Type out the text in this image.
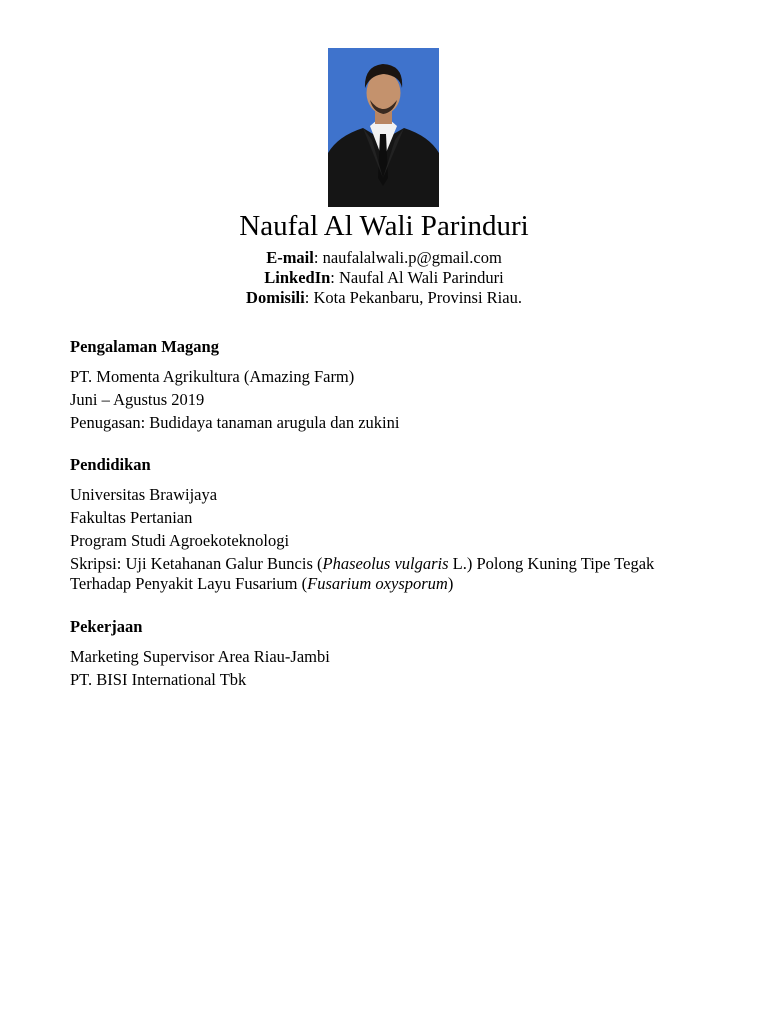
Naufal Al Wali Parinduri
E-mail: naufalalwali.p@gmail.com
LinkedIn: Naufal Al Wali Parinduri
Domisili: Kota Pekanbaru, Provinsi Riau.
Pengalaman Magang
PT. Momenta Agrikultura (Amazing Farm)
Juni – Agustus 2019
Penugasan: Budidaya tanaman arugula dan zukini
Pendidikan
Universitas Brawijaya
Fakultas Pertanian
Program Studi Agroekoteknologi
Skripsi: Uji Ketahanan Galur Buncis (Phaseolus vulgaris L.) Polong Kuning Tipe Tegak Terhadap Penyakit Layu Fusarium (Fusarium oxysporum)
Pekerjaan
Marketing Supervisor Area Riau-Jambi
PT. BISI International Tbk
